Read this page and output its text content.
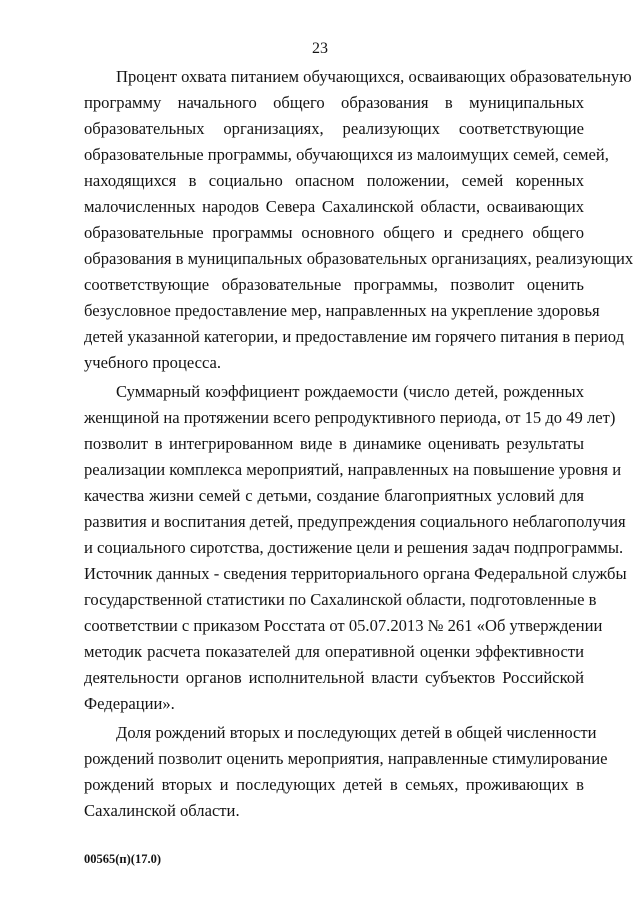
23
Процент охвата питанием обучающихся, осваивающих образовательную
программу начального общего образования в муниципальных
образовательных организациях, реализующих соответствующие
образовательные программы, обучающихся из малоимущих семей, семей,
находящихся в социально опасном положении, семей коренных
малочисленных народов Севера Сахалинской области, осваивающих
образовательные программы основного общего и среднего общего
образования в муниципальных образовательных организациях, реализующих
соответствующие образовательные программы, позволит оценить
безусловное предоставление мер, направленных на укрепление здоровья
детей указанной категории, и предоставление им горячего питания в период
учебного процесса.
Суммарный коэффициент рождаемости (число детей, рожденных
женщиной на протяжении всего репродуктивного периода, от 15 до 49 лет)
позволит в интегрированном виде в динамике оценивать результаты
реализации комплекса мероприятий, направленных на повышение уровня и
качества жизни семей с детьми, создание благоприятных условий для
развития и воспитания детей, предупреждения социального неблагополучия
и социального сиротства, достижение цели и решения задач подпрограммы.
Источник данных - сведения территориального органа Федеральной службы
государственной статистики по Сахалинской области, подготовленные в
соответствии с приказом Росстата от 05.07.2013 № 261 «Об утверждении
методик расчета показателей для оперативной оценки эффективности
деятельности органов исполнительной власти субъектов Российской
Федерации».
Доля рождений вторых и последующих детей в общей численности
рождений позволит оценить мероприятия, направленные стимулирование
рождений вторых и последующих детей в семьях, проживающих в
Сахалинской области.
00565(п)(17.0)
